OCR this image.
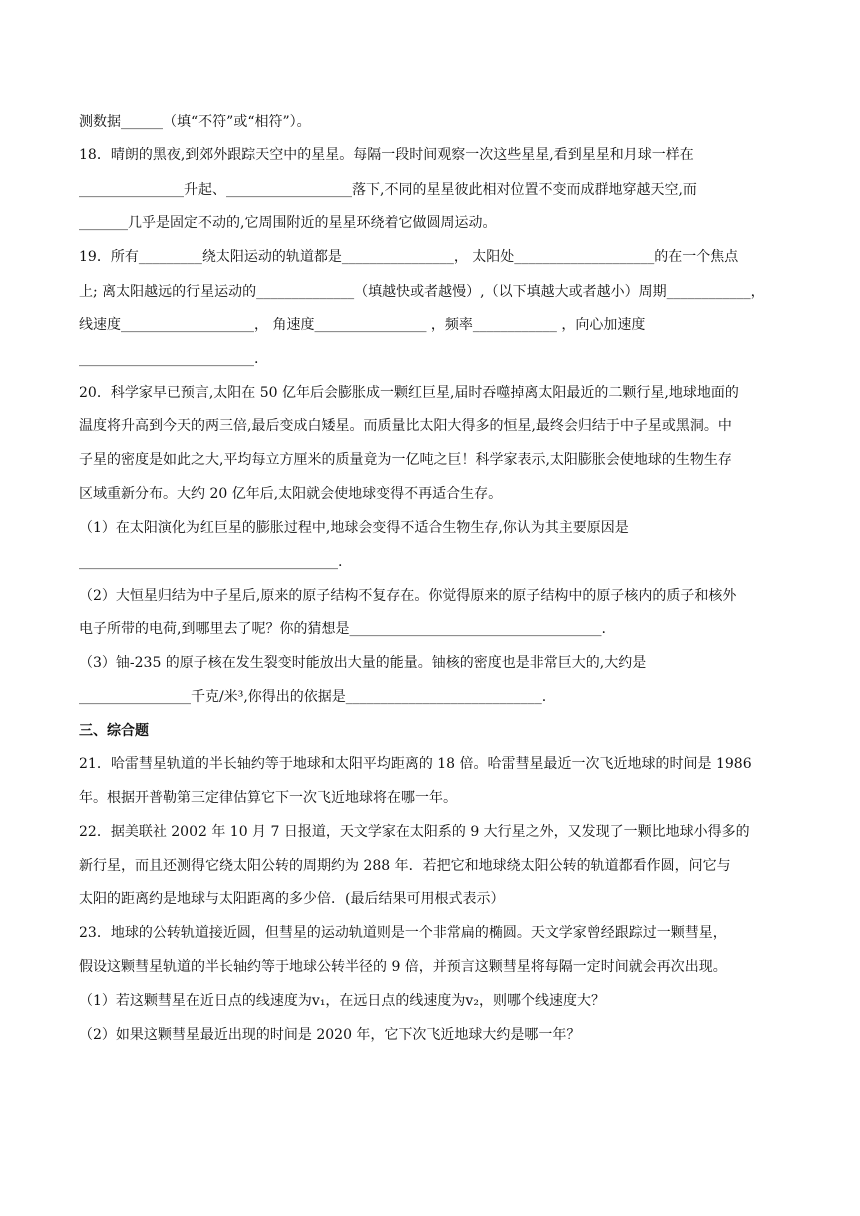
测数据______（填“不符”或“相符”）。
18．晴朗的黑夜,到郊外跟踪天空中的星星。每隔一段时间观察一次这些星星,看到星星和月球一样在
_______________升起、__________________落下,不同的星星彼此相对位置不变而成群地穿越天空,而
_______几乎是固定不动的,它周围附近的星星环绕着它做圆周运动。
19．所有_________绕太阳运动的轨道都是________________， 太阳处____________________的在一个焦点
上; 离太阳越远的行星运动的______________（填越快或者越慢）,（以下填越大或者越小）周期____________，
线速度___________________， 角速度________________ ，频率____________ ，向心加速度
_________________________.
20．科学家早已预言,太阳在 50 亿年后会膨胀成一颗红巨星,届时吞噬掉离太阳最近的二颗行星,地球地面的
温度将升高到今天的两三倍,最后变成白矮星。而质量比太阳大得多的恒星,最终会归结于中子星或黑洞。中
子星的密度是如此之大,平均每立方厘米的质量竟为一亿吨之巨！科学家表示,太阳膨胀会使地球的生物生存
区域重新分布。大约 20 亿年后,太阳就会使地球变得不再适合生存。
（1）在太阳演化为红巨星的膨胀过程中,地球会变得不适合生物生存,你认为其主要原因是
_____________________________________.
（2）大恒星归结为中子星后,原来的原子结构不复存在。你觉得原来的原子结构中的原子核内的质子和核外
电子所带的电荷,到哪里去了呢？你的猜想是____________________________________.
（3）铀-235 的原子核在发生裂变时能放出大量的能量。铀核的密度也是非常巨大的,大约是
________________千克/米³,你得出的依据是____________________________.
三、综合题
21．哈雷彗星轨道的半长轴约等于地球和太阳平均距离的 18 倍。哈雷彗星最近一次飞近地球的时间是 1986
年。根据开普勒第三定律估算它下一次飞近地球将在哪一年。
22．据美联社 2002 年 10 月 7 日报道，天文学家在太阳系的 9 大行星之外，又发现了一颗比地球小得多的
新行星，而且还测得它绕太阳公转的周期约为 288 年．若把它和地球绕太阳公转的轨道都看作圆，问它与
太阳的距离约是地球与太阳距离的多少倍．(最后结果可用根式表示）
23．地球的公转轨道接近圆，但彗星的运动轨道则是一个非常扁的椭圆。天文学家曾经跟踪过一颗彗星，
假设这颗彗星轨道的半长轴约等于地球公转半径的 9 倍，并预言这颗彗星将每隔一定时间就会再次出现。
（1）若这颗彗星在近日点的线速度为v₁，在远日点的线速度为v₂，则哪个线速度大？
（2）如果这颗彗星最近出现的时间是 2020 年，它下次飞近地球大约是哪一年？
